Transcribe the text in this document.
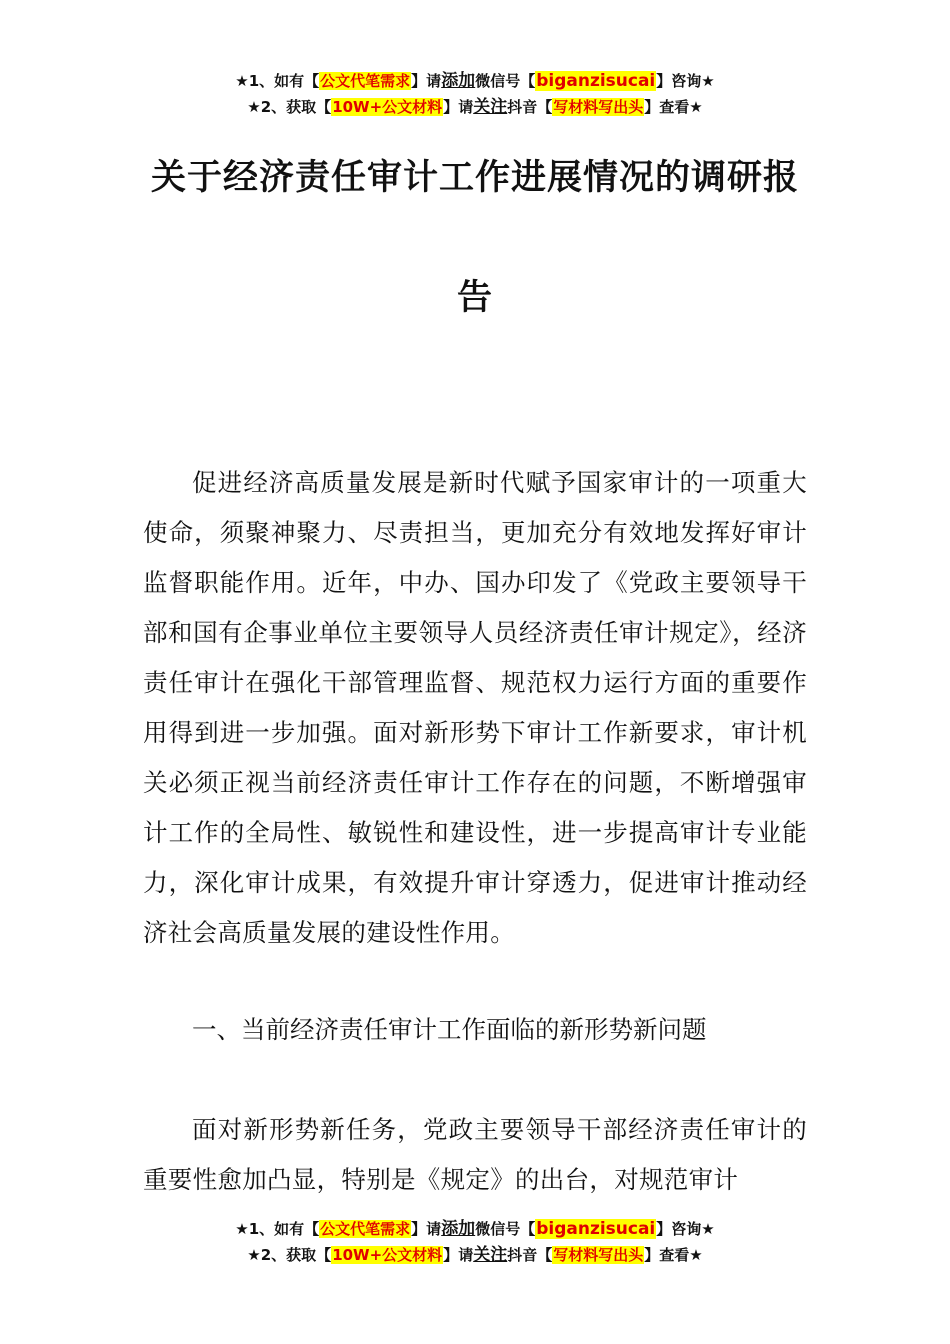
★1、如有【公文代笔需求】请添加微信号【biganzisucai】咨询★
★2、获取【10W+公文材料】请关注抖音【写材料写出头】查看★
关于经济责任审计工作进展情况的调研报
告
促进经济高质量发展是新时代赋予国家审计的一项重大使命，须聚神聚力、尽责担当，更加充分有效地发挥好审计监督职能作用。近年，中办、国办印发了《党政主要领导干部和国有企事业单位主要领导人员经济责任审计规定》，经济责任审计在强化干部管理监督、规范权力运行方面的重要作用得到进一步加强。面对新形势下审计工作新要求，审计机关必须正视当前经济责任审计工作存在的问题，不断增强审计工作的全局性、敏锐性和建设性，进一步提高审计专业能力，深化审计成果，有效提升审计穿透力，促进审计推动经济社会高质量发展的建设性作用。
一、当前经济责任审计工作面临的新形势新问题
面对新形势新任务，党政主要领导干部经济责任审计的重要性愈加凸显，特别是《规定》的出台，对规范审计
★1、如有【公文代笔需求】请添加微信号【biganzisucai】咨询★
★2、获取【10W+公文材料】请关注抖音【写材料写出头】查看★
